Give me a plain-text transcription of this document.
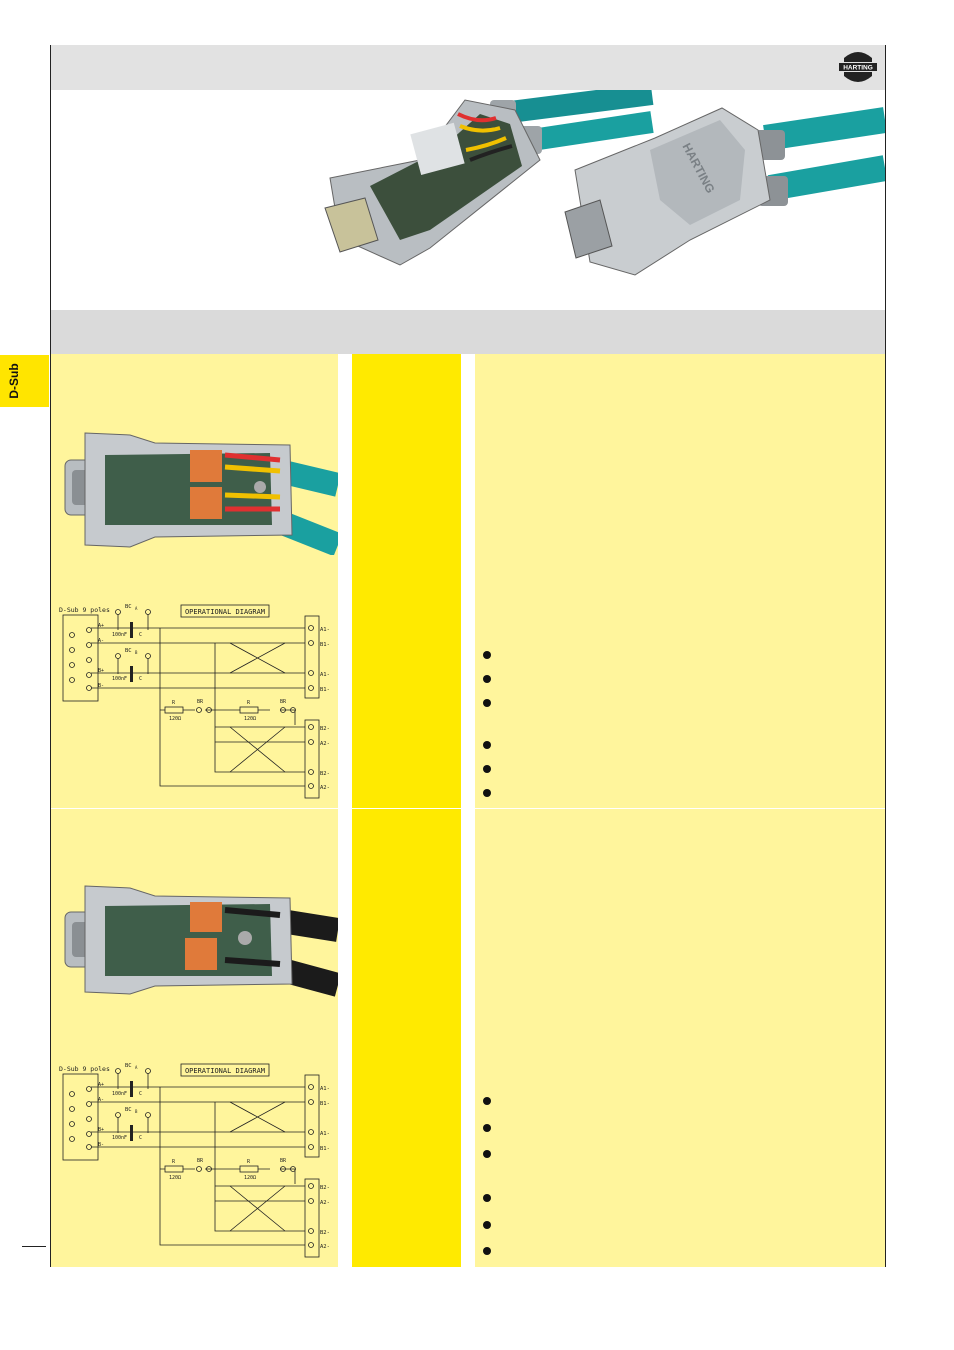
HARTING
HARTING
D-Sub
D-Sub 9 poles	OPERATIONAL DIAGRAM
BC A
100nF C
BC B
100nF C
A+
A-
B+
B-
R
120Ω
R
120Ω
BR	BR
A1-
B1-
A1-
B1-
B2-
A2-
B2-
A2-
D-Sub 9 poles	OPERATIONAL DIAGRAM
BC A
100nF C
BC B
100nF C
A+
A-
B+
B-
R
120Ω
R
120Ω
BR	BR
A1-
B1-
A1-
B1-
B2-
A2-
B2-
A2-
